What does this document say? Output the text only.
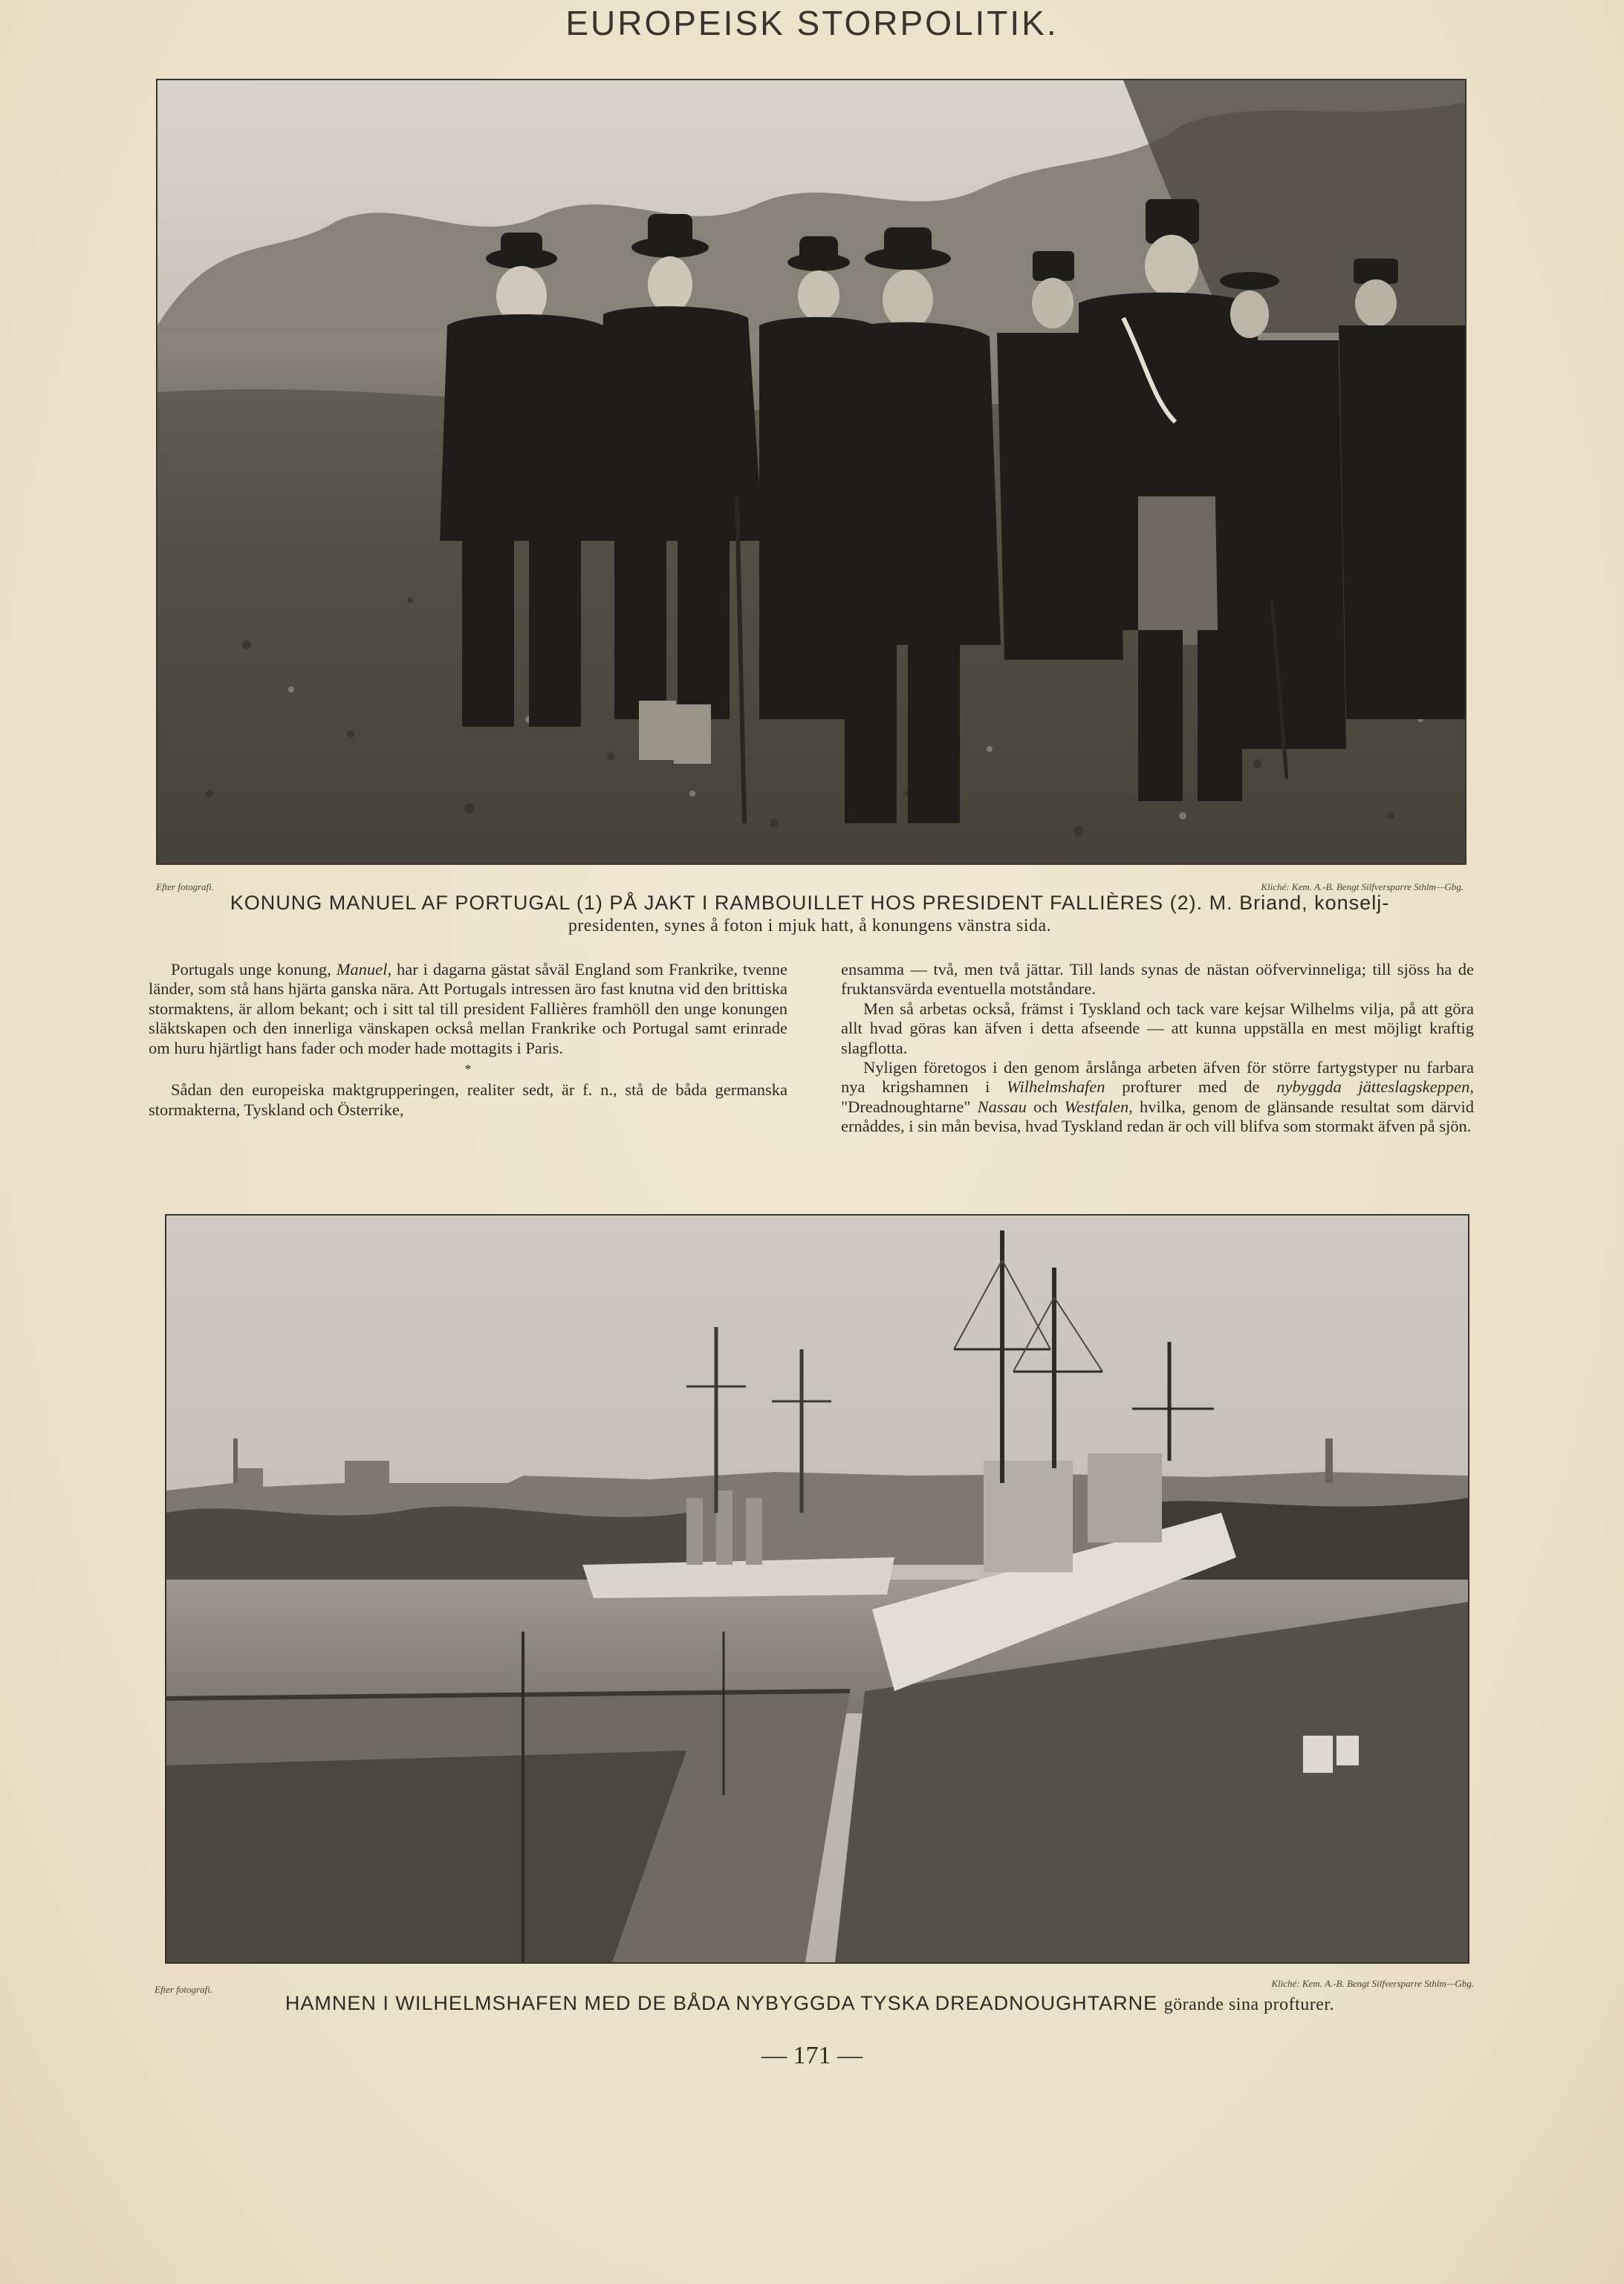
EUROPEISK STORPOLITIK.
Efter fotografi.	Kliché: Kem. A.-B. Bengt Silfversparre Sthlm—Gbg.
KONUNG MANUEL AF PORTUGAL (1) PÅ JAKT I RAMBOUILLET HOS PRESIDENT FALLIÈRES (2). M. Briand, konselj-
presidenten, synes å foton i mjuk hatt, å konungens vänstra sida.

Portugals unge konung, Manuel, har i dagarna gästat såväl England som Frankrike, tvenne länder, som stå hans hjärta ganska nära. Att Portugals intressen äro fast knutna vid den brittiska stormaktens, är allom bekant; och i sitt tal till president Fallières framhöll den unge konungen släktskapen och den innerliga vänskapen också mellan Frankrike och Portugal samt erinrade om huru hjärtligt hans fader och moder hade mottagits i Paris.

*

Sådan den europeiska maktgrupperingen, realiter sedt, är f. n., stå de båda germanska stormakterna, Tyskland och Österrike,

ensamma — två, men två jättar. Till lands synas de nästan oöfvervinneliga; till sjöss ha de fruktansvärda eventuella motståndare.

Men så arbetas också, främst i Tyskland och tack vare kejsar Wilhelms vilja, på att göra allt hvad göras kan äfven i detta afseende — att kunna uppställa en mest möjligt kraftig slagflotta.

Nyligen företogos i den genom årslånga arbeten äfven för större fartygstyper nu farbara nya krigshamnen i Wilhelmshafen profturer med de nybyggda jätteslagskeppen, "Dreadnoughtarne" Nassau och Westfalen, hvilka, genom de glänsande resultat som därvid ernåddes, i sin mån bevisa, hvad Tyskland redan är och vill blifva som stormakt äfven på sjön.

Efter fotografi.
Kliché: Kem. A.-B. Bengt Silfversparre Sthlm—Gbg.
HAMNEN I WILHELMSHAFEN MED DE BÅDA NYBYGGDA TYSKA DREADNOUGHTARNE görande sina profturer.
— 171 —
